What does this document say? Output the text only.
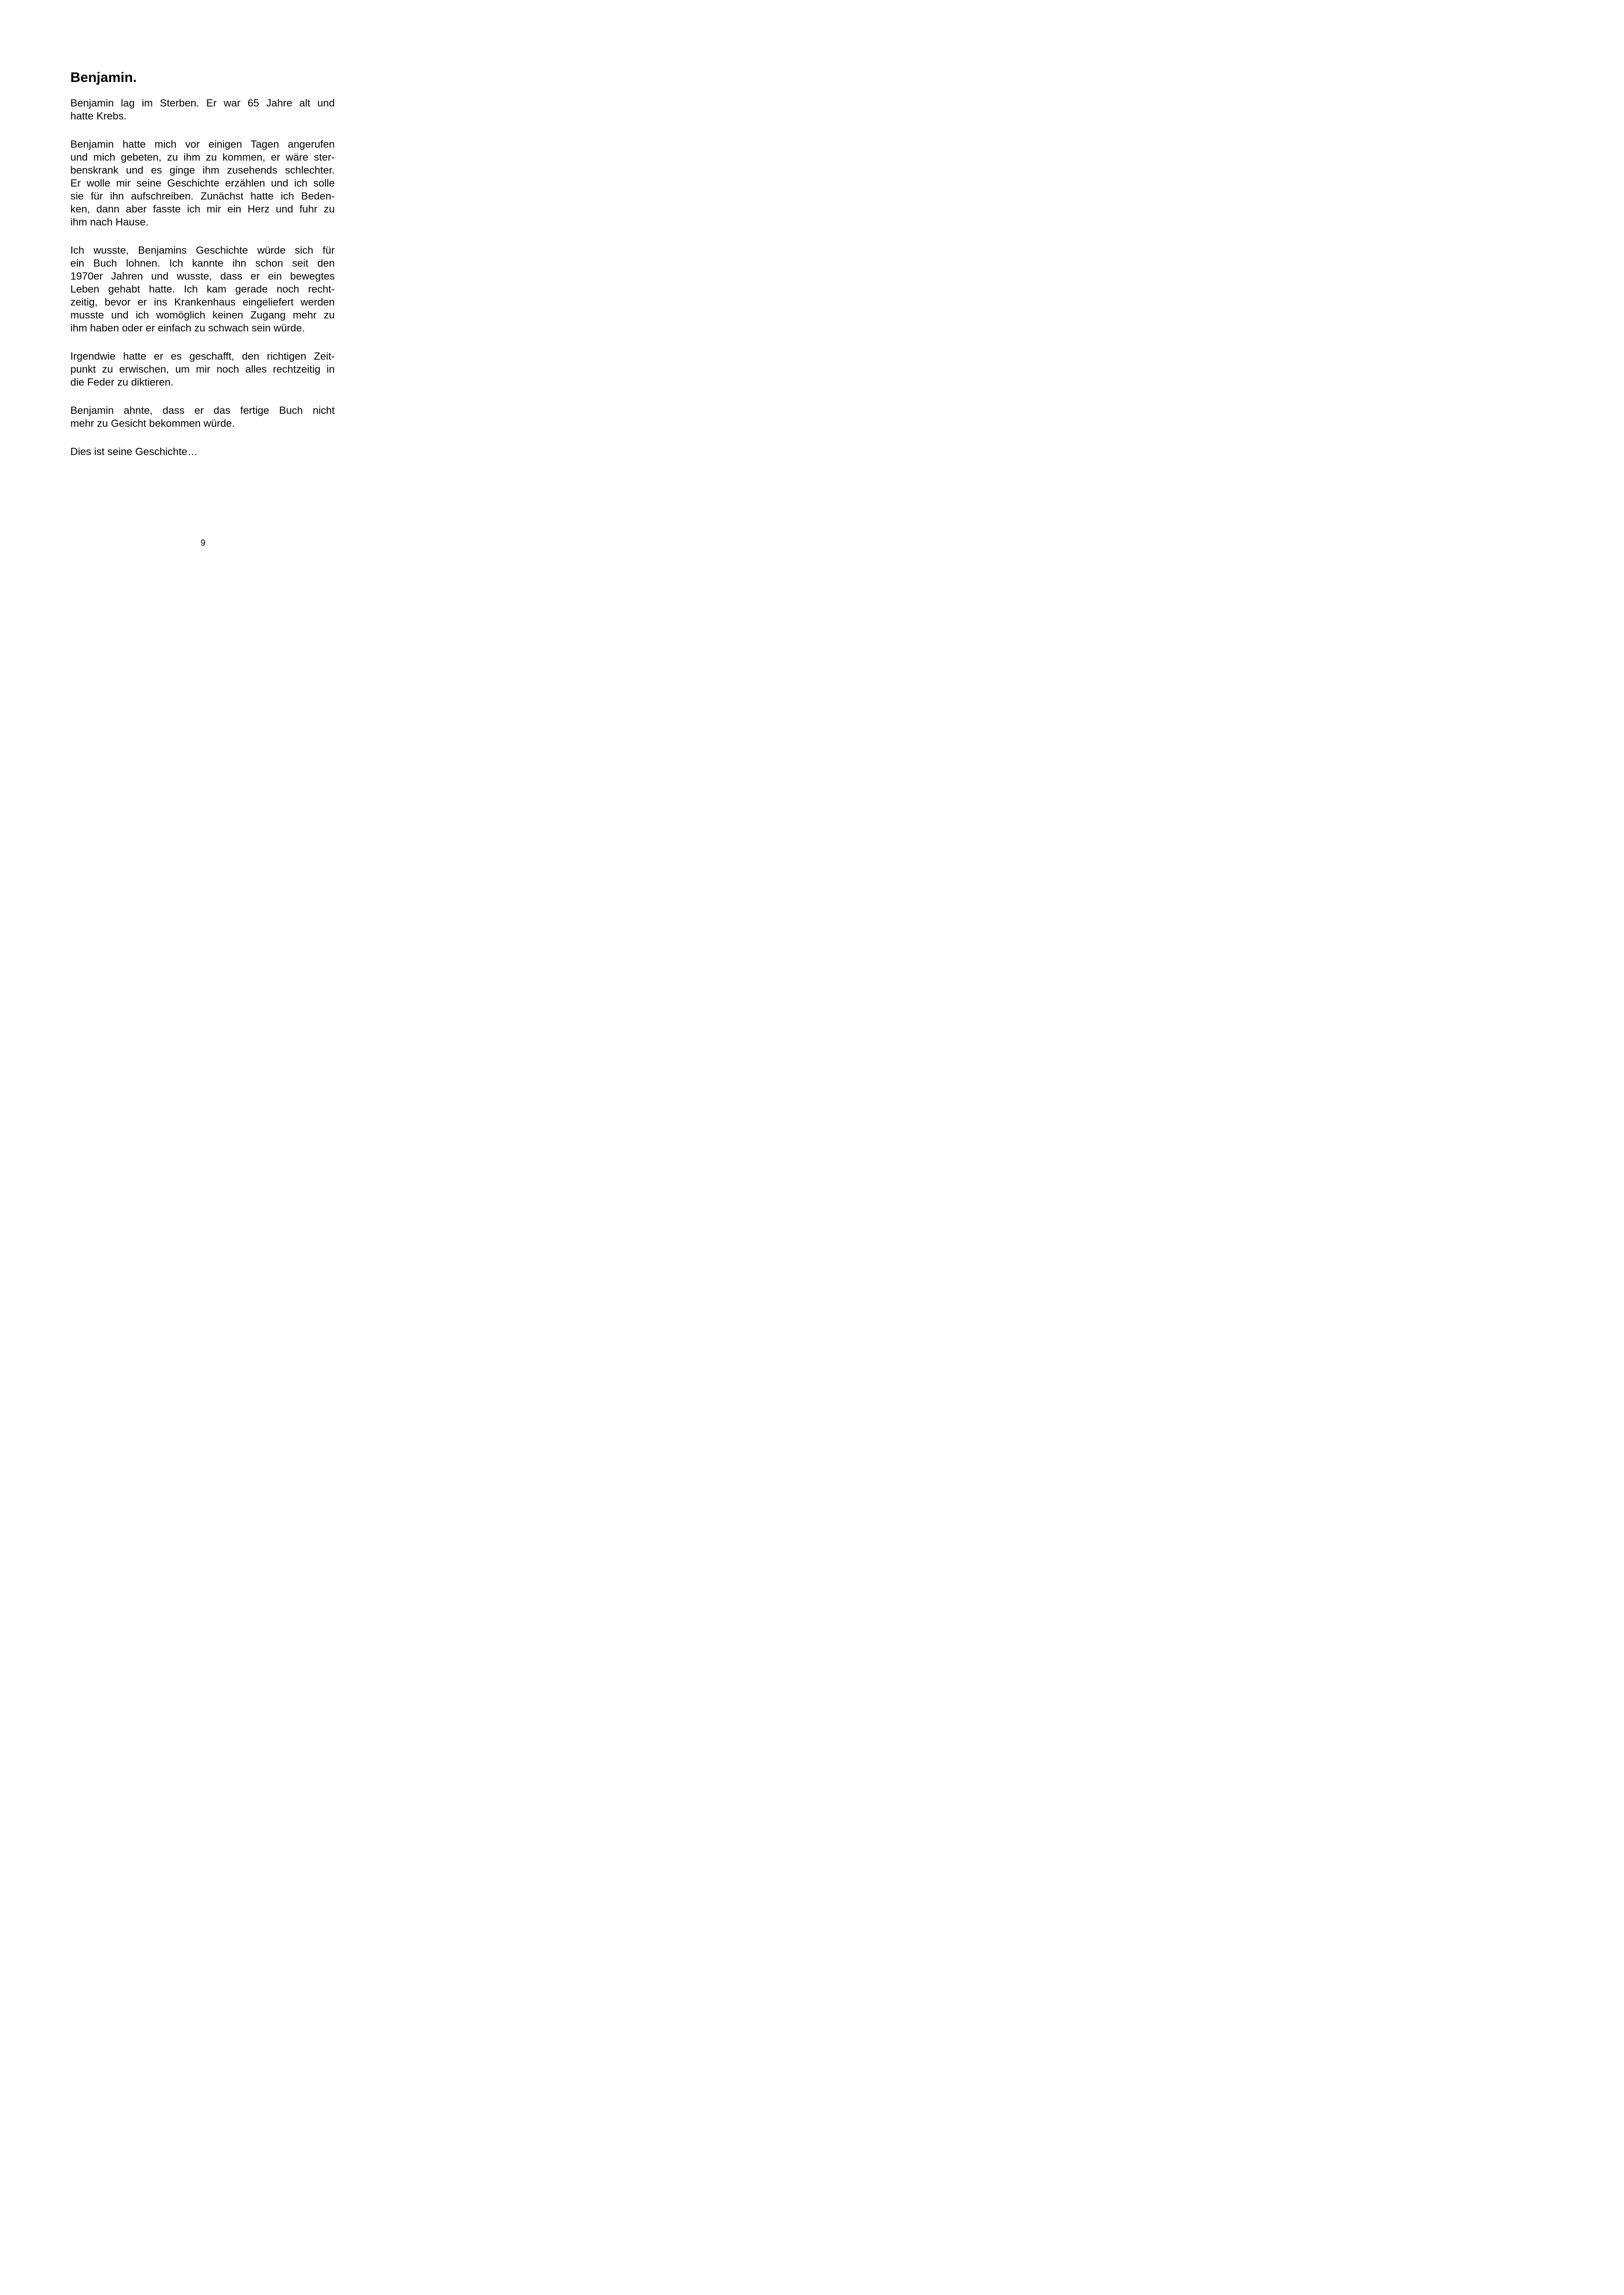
Benjamin.

Benjamin lag im Sterben. Er war 65 Jahre alt und
hatte Krebs.

Benjamin hatte mich vor einigen Tagen angerufen
und mich gebeten, zu ihm zu kommen, er wäre ster-
benskrank und es ginge ihm zusehends schlechter.
Er wolle mir seine Geschichte erzählen und ich solle
sie für ihn aufschreiben. Zunächst hatte ich Beden-
ken, dann aber fasste ich mir ein Herz und fuhr zu
ihm nach Hause.

Ich wusste, Benjamins Geschichte würde sich für
ein Buch lohnen. Ich kannte ihn schon seit den
1970er Jahren und wusste, dass er ein bewegtes
Leben gehabt hatte. Ich kam gerade noch recht-
zeitig, bevor er ins Krankenhaus eingeliefert werden
musste und ich womöglich keinen Zugang mehr zu
ihm haben oder er einfach zu schwach sein würde.

Irgendwie hatte er es geschafft, den richtigen Zeit-
punkt zu erwischen, um mir noch alles rechtzeitig in
die Feder zu diktieren.

Benjamin ahnte, dass er das fertige Buch nicht
mehr zu Gesicht bekommen würde.

Dies ist seine Geschichte…

9
